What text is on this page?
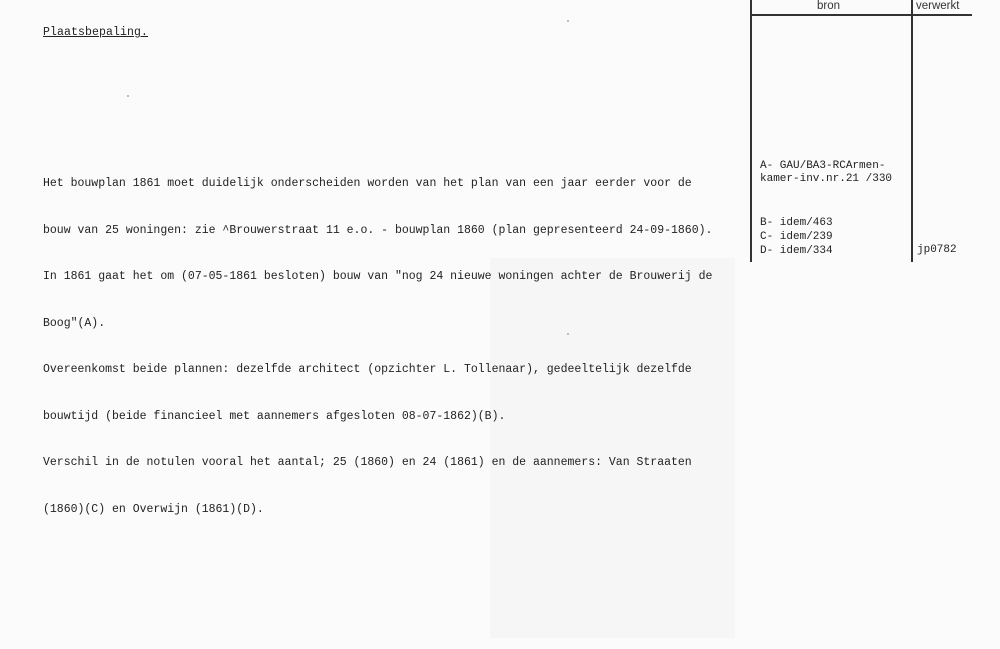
Plaatsbepaling.

Het bouwplan 1861 moet duidelijk onderscheiden worden van het plan van een jaar eerder voor de

bouw van 25 woningen: zie ^Brouwerstraat 11 e.o. - bouwplan 1860 (plan gepresenteerd 24-09-1860).

In 1861 gaat het om (07-05-1861 besloten) bouw van "nog 24 nieuwe woningen achter de Brouwerij de

Boog"(A).

Overeenkomst beide plannen: dezelfde architect (opzichter L. Tollenaar), gedeeltelijk dezelfde

bouwtijd (beide financieel met aannemers afgesloten 08-07-1862)(B).

Verschil in de notulen vooral het aantal; 25 (1860) en 24 (1861) en de aannemers: Van Straaten

(1860)(C) en Overwijn (1861)(D).

bron	verwerkt
A- GAU/BA3-RCArmen-
kamer-inv.nr.21 /330
B- idem/463
C- idem/239
D- idem/334	jp0782
